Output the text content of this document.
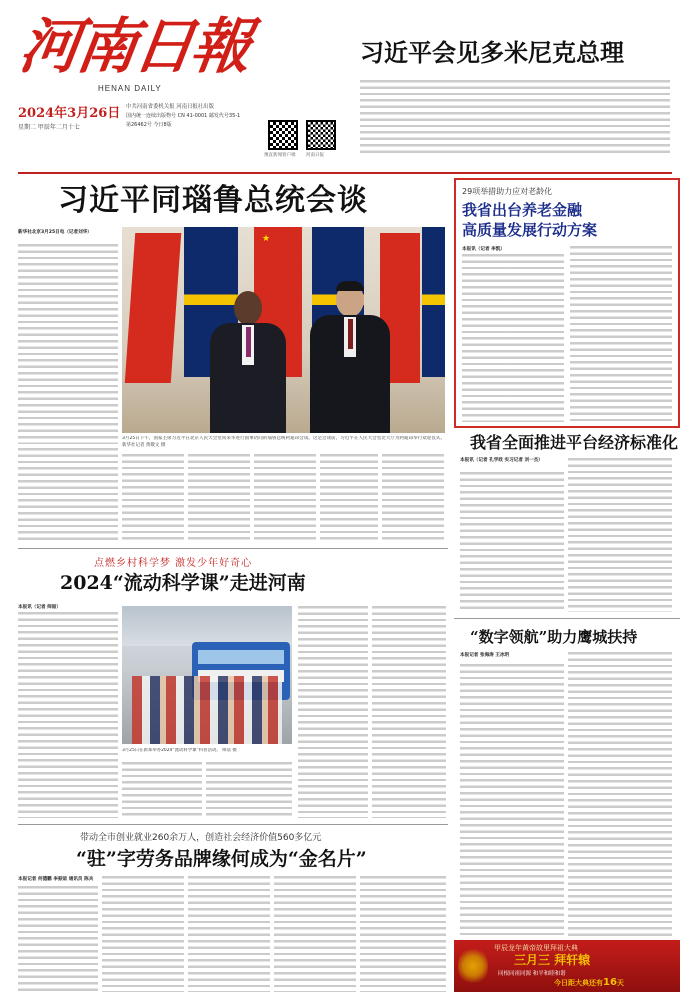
河南日報
HENAN DAILY
2024年3月26日
星期二 甲辰年二月十七
中共河南省委机关报 河南日报社出版
国内统一连续出版物号 CN 41-0001 邮发代号35-1
第26462号 今日8版
豫直新闻客户端 河南日报
习近平会见多米尼克总理
习近平同瑙鲁总统会谈
新华社北京3月25日电（记者刘华）
★
3月25日下午，国家主席习近平在北京人民大会堂同来华进行国事访问的瑙鲁总统阿迪昂会谈。这是会谈前，习近平在人民大会堂北大厅为阿迪昂举行欢迎仪式。 新华社记者 黄敬文 摄
29项举措助力应对老龄化
我省出台养老金融
高质量发展行动方案
本报讯（记者 李凯）
我省全面推进平台经济标准化
本报讯（记者 孔学政 实习记者 刘一杰）
点燃乡村科学梦 激发少年好奇心
2024“流动科学课”走进河南
本报讯（记者 师喆）
3月25日在新郑举办2024“流动科学课”科普活动。 师喆 摄
“数字领航”助力鹰城扶持
本报记者 张海涛 王冰玥
带动全市创业就业260余万人，创造社会经济价值560多亿元
“驻”字劳务品牌缘何成为“金名片”
本报记者 何德鹏 李振谊 通讯员 陈兵
甲辰龙年黄帝故里拜祖大典
三月三 拜轩辕
同根同祖同源 和平和睦和谐
今日距大典还有16天
